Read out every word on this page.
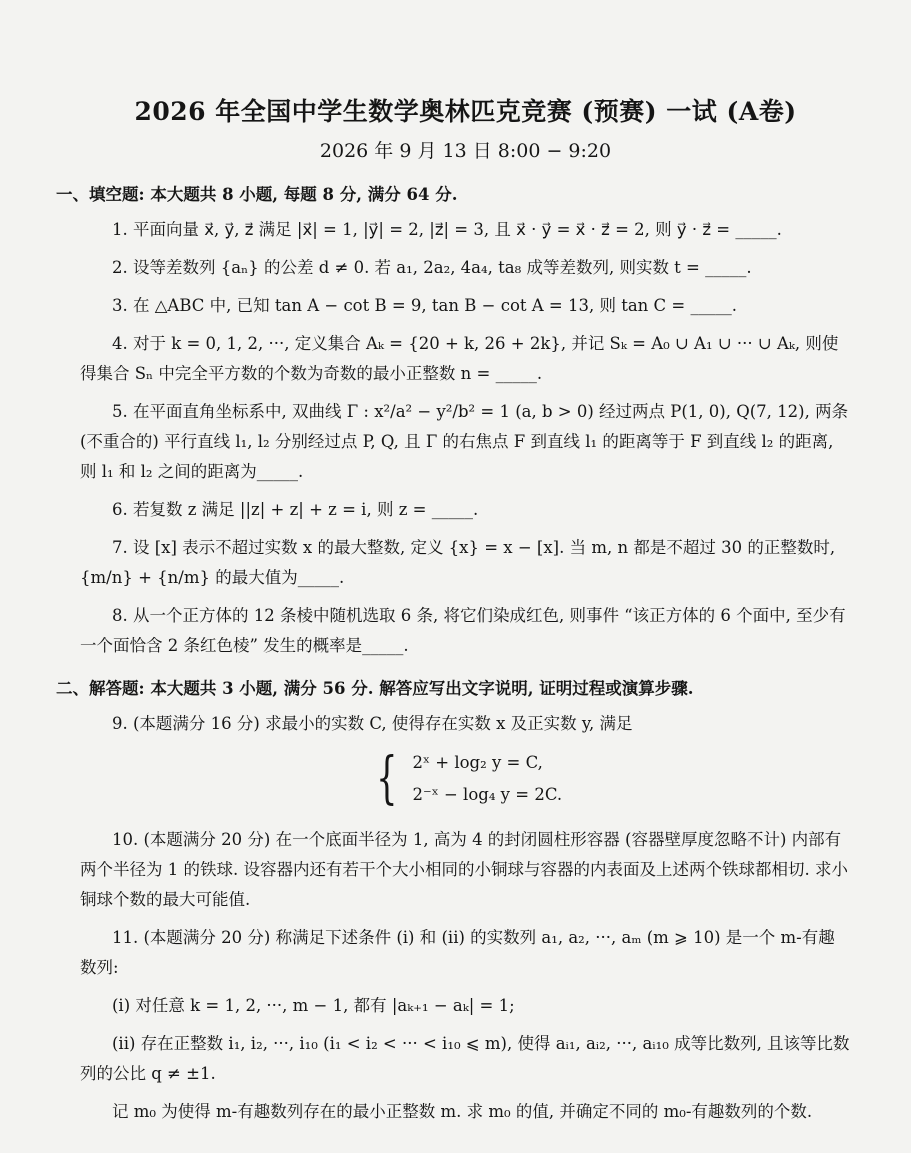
2026 年全国中学生数学奥林匹克竞赛 (预赛) 一试 (A卷)
2026 年 9 月 13 日 8:00 − 9:20
一、填空题: 本大题共 8 小题, 每题 8 分, 满分 64 分.
1. 平面向量 x⃗, y⃗, z⃗ 满足 |x⃗| = 1, |y⃗| = 2, |z⃗| = 3, 且 x⃗ · y⃗ = x⃗ · z⃗ = 2, 则 y⃗ · z⃗ = _____.
2. 设等差数列 {aₙ} 的公差 d ≠ 0. 若 a₁, 2a₂, 4a₄, ta₈ 成等差数列, 则实数 t = _____.
3. 在 △ABC 中, 已知 tan A − cot B = 9, tan B − cot A = 13, 则 tan C = _____.
4. 对于 k = 0, 1, 2, ···, 定义集合 Aₖ = {20 + k, 26 + 2k}, 并记 Sₖ = A₀ ∪ A₁ ∪ ··· ∪ Aₖ, 则使得集合 Sₙ 中完全平方数的个数为奇数的最小正整数 n = _____.
5. 在平面直角坐标系中, 双曲线 Γ : x²/a² − y²/b² = 1 (a, b > 0) 经过两点 P(1, 0), Q(7, 12), 两条 (不重合的) 平行直线 l₁, l₂ 分别经过点 P, Q, 且 Γ 的右焦点 F 到直线 l₁ 的距离等于 F 到直线 l₂ 的距离, 则 l₁ 和 l₂ 之间的距离为_____.
6. 若复数 z 满足 ||z| + z| + z = i, 则 z = _____.
7. 设 [x] 表示不超过实数 x 的最大整数, 定义 {x} = x − [x]. 当 m, n 都是不超过 30 的正整数时, {m/n} + {n/m} 的最大值为_____.
8. 从一个正方体的 12 条棱中随机选取 6 条, 将它们染成红色, 则事件 “该正方体的 6 个面中, 至少有一个面恰含 2 条红色棱” 发生的概率是_____.
二、解答题: 本大题共 3 小题, 满分 56 分. 解答应写出文字说明, 证明过程或演算步骤.
9. (本题满分 16 分) 求最小的实数 C, 使得存在实数 x 及正实数 y, 满足
{ 2ˣ + log₂ y = C,
2⁻ˣ − log₄ y = 2C.
10. (本题满分 20 分) 在一个底面半径为 1, 高为 4 的封闭圆柱形容器 (容器壁厚度忽略不计) 内部有两个半径为 1 的铁球. 设容器内还有若干个大小相同的小铜球与容器的内表面及上述两个铁球都相切. 求小铜球个数的最大可能值.
11. (本题满分 20 分) 称满足下述条件 (i) 和 (ii) 的实数列 a₁, a₂, ···, aₘ (m ⩾ 10) 是一个 m-有趣数列:
(i) 对任意 k = 1, 2, ···, m − 1, 都有 |aₖ₊₁ − aₖ| = 1;
(ii) 存在正整数 i₁, i₂, ···, i₁₀ (i₁ < i₂ < ··· < i₁₀ ⩽ m), 使得 aᵢ₁, aᵢ₂, ···, aᵢ₁₀ 成等比数列, 且该等比数列的公比 q ≠ ±1.
记 m₀ 为使得 m-有趣数列存在的最小正整数 m. 求 m₀ 的值, 并确定不同的 m₀-有趣数列的个数.
